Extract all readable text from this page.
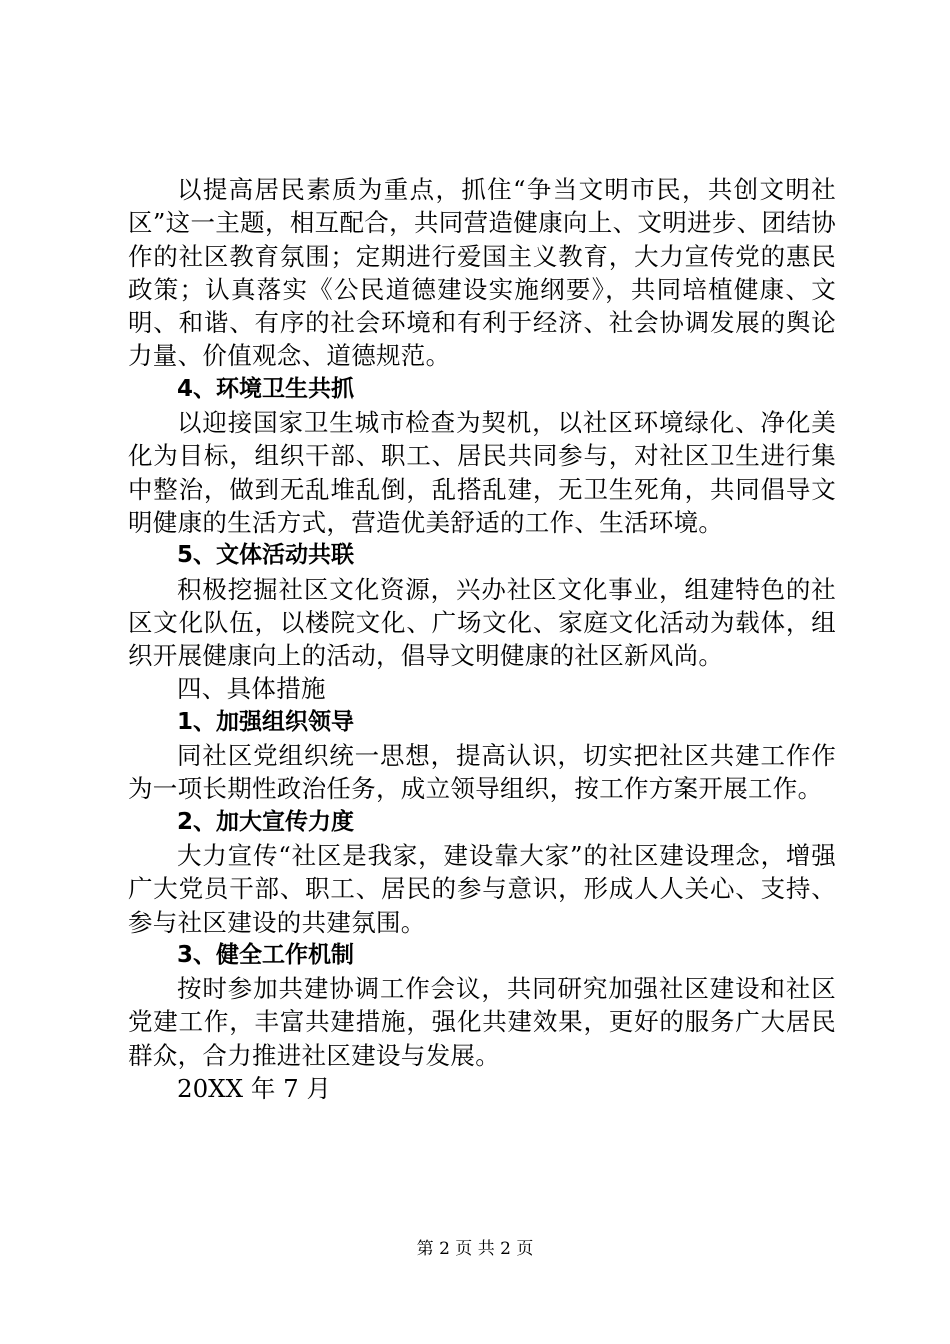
以提高居民素质为重点，抓住“争当文明市民，共创文明社区”这一主题，相互配合，共同营造健康向上、文明进步、团结协作的社区教育氛围；定期进行爱国主义教育，大力宣传党的惠民政策；认真落实《公民道德建设实施纲要》，共同培植健康、文明、和谐、有序的社会环境和有利于经济、社会协调发展的舆论力量、价值观念、道德规范。

4、环境卫生共抓

以迎接国家卫生城市检查为契机，以社区环境绿化、净化美化为目标，组织干部、职工、居民共同参与，对社区卫生进行集中整治，做到无乱堆乱倒，乱搭乱建，无卫生死角，共同倡导文明健康的生活方式，营造优美舒适的工作、生活环境。

5、文体活动共联

积极挖掘社区文化资源，兴办社区文化事业，组建特色的社区文化队伍，以楼院文化、广场文化、家庭文化活动为载体，组织开展健康向上的活动，倡导文明健康的社区新风尚。

四、具体措施

1、加强组织领导

同社区党组织统一思想，提高认识，切实把社区共建工作作为一项长期性政治任务，成立领导组织，按工作方案开展工作。

2、加大宣传力度

大力宣传“社区是我家，建设靠大家”的社区建设理念，增强广大党员干部、职工、居民的参与意识，形成人人关心、支持、参与社区建设的共建氛围。

3、健全工作机制

按时参加共建协调工作会议，共同研究加强社区建设和社区党建工作，丰富共建措施，强化共建效果，更好的服务广大居民群众，合力推进社区建设与发展。

20XX 年 7 月

第 2 页 共 2 页
